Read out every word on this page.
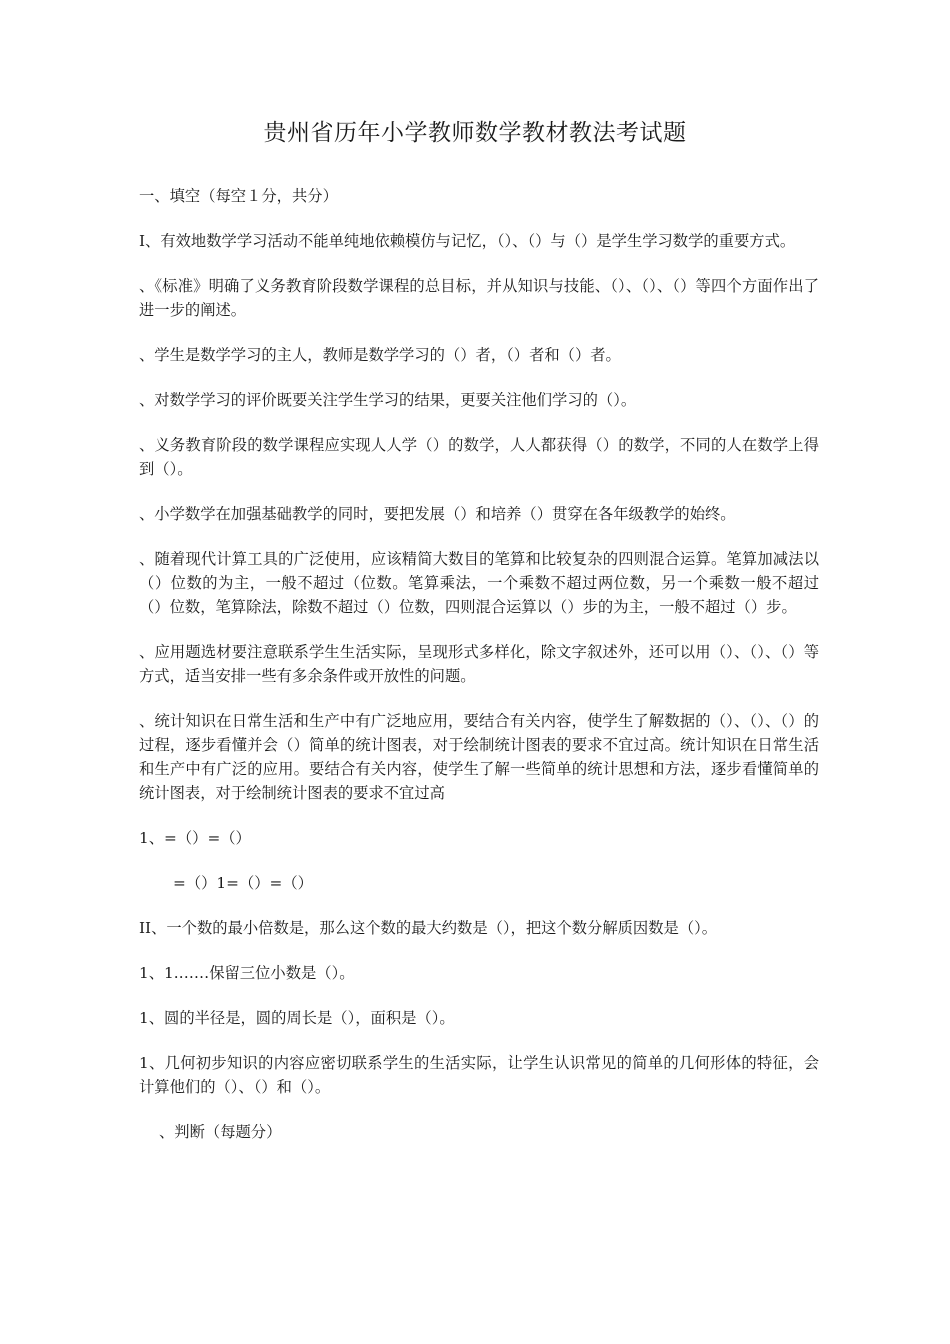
贵州省历年小学教师数学教材教法考试题

一、填空（每空１分，共分）

I、有效地数学学习活动不能单纯地依赖模仿与记忆，（）、（）与（）是学生学习数学的重要方式。

、《标准》明确了义务教育阶段数学课程的总目标，并从知识与技能、（）、（）、（）等四个方面作出了进一步的阐述。

、学生是数学学习的主人，教师是数学学习的（）者，（）者和（）者。

、对数学学习的评价既要关注学生学习的结果，更要关注他们学习的（）。

、义务教育阶段的数学课程应实现人人学（）的数学，人人都获得（）的数学，不同的人在数学上得到（）。

、小学数学在加强基础教学的同时，要把发展（）和培养（）贯穿在各年级教学的始终。

、随着现代计算工具的广泛使用，应该精简大数目的笔算和比较复杂的四则混合运算。笔算加减法以（）位数的为主，一般不超过（位数。笔算乘法，一个乘数不超过两位数，另一个乘数一般不超过（）位数，笔算除法，除数不超过（）位数，四则混合运算以（）步的为主，一般不超过（）步。

、应用题选材要注意联系学生生活实际，呈现形式多样化，除文字叙述外，还可以用（）、（）、（）等方式，适当安排一些有多余条件或开放性的问题。

、统计知识在日常生活和生产中有广泛地应用，要结合有关内容，使学生了解数据的（）、（）、（）的过程，逐步看懂并会（）简单的统计图表，对于绘制统计图表的要求不宜过高。统计知识在日常生活和生产中有广泛的应用。要结合有关内容，使学生了解一些简单的统计思想和方法，逐步看懂简单的统计图表，对于绘制统计图表的要求不宜过高

1、=（）=（）

=（）1=（）=（）

II、一个数的最小倍数是，那么这个数的最大约数是（），把这个数分解质因数是（）。

1、1.……保留三位小数是（）。

1、圆的半径是，圆的周长是（），面积是（）。

1、几何初步知识的内容应密切联系学生的生活实际，让学生认识常见的简单的几何形体的特征，会计算他们的（）、（）和（）。

、判断（每题分）
